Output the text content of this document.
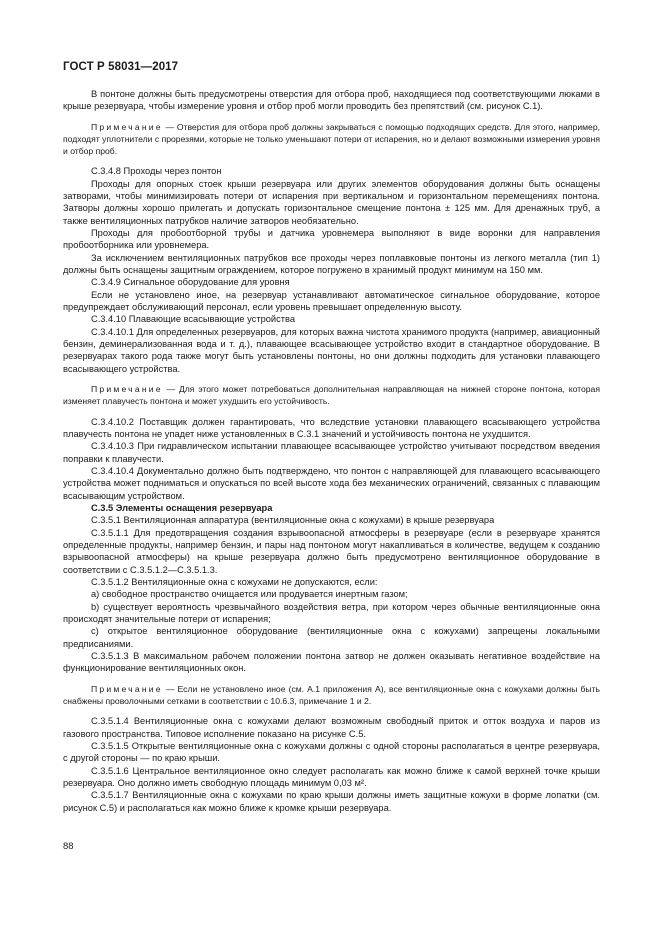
ГОСТ Р 58031—2017

В понтоне должны быть предусмотрены отверстия для отбора проб, находящиеся под соответствующими люками в крыше резервуара, чтобы измерение уровня и отбор проб могли проводить без препятствий (см. рисунок С.1).

Примечание — Отверстия для отбора проб должны закрываться с помощью подходящих средств. Для этого, например, подходят уплотнители с прорезями, которые не только уменьшают потери от испарения, но и делают возможными измерения уровня и отбор проб.

С.3.4.8 Проходы через понтон

Проходы для опорных стоек крыши резервуара или других элементов оборудования должны быть оснащены затворами, чтобы минимизировать потери от испарения при вертикальном и горизонтальном перемещениях понтона. Затворы должны хорошо прилегать и допускать горизонтальное смещение понтона ± 125 мм. Для дренажных труб, а также вентиляционных патрубков наличие затворов необязательно.

Проходы для пробоотборной трубы и датчика уровнемера выполняют в виде воронки для направления пробоотборника или уровнемера.

За исключением вентиляционных патрубков все проходы через поплавковые понтоны из легкого металла (тип 1) должны быть оснащены защитным ограждением, которое погружено в хранимый продукт минимум на 150 мм.

С.3.4.9 Сигнальное оборудование для уровня

Если не установлено иное, на резервуар устанавливают автоматическое сигнальное оборудование, которое предупреждает обслуживающий персонал, если уровень превышает определенную высоту.

С.3.4.10 Плавающие всасывающие устройства

С.3.4.10.1 Для определенных резервуаров, для которых важна чистота хранимого продукта (например, авиационный бензин, деминерализованная вода и т. д.), плавающее всасывающее устройство входит в стандартное оборудование. В резервуарах такого рода также могут быть установлены понтоны, но они должны подходить для установки плавающего всасывающего устройства.

Примечание — Для этого может потребоваться дополнительная направляющая на нижней стороне понтона, которая изменяет плавучесть понтона и может ухудшить его устойчивость.

С.3.4.10.2 Поставщик должен гарантировать, что вследствие установки плавающего всасывающего устройства плавучесть понтона не упадет ниже установленных в С.3.1 значений и устойчивость понтона не ухудшится.

С.3.4.10.3 При гидравлическом испытании плавающее всасывающее устройство учитывают посредством введения поправки к плавучести.

С.3.4.10.4 Документально должно быть подтверждено, что понтон с направляющей для плавающего всасывающего устройства может подниматься и опускаться по всей высоте хода без механических ограничений, связанных с плавающим всасывающим устройством.

С.3.5 Элементы оснащения резервуара

С.3.5.1 Вентиляционная аппаратура (вентиляционные окна с кожухами) в крыше резервуара

С.3.5.1.1 Для предотвращения создания взрывоопасной атмосферы в резервуаре (если в резервуаре хранятся определенные продукты, например бензин, и пары над понтоном могут накапливаться в количестве, ведущем к созданию взрывоопасной атмосферы) на крыше резервуара должно быть предусмотрено вентиляционное оборудование в соответствии с С.3.5.1.2—С.3.5.1.3.

С.3.5.1.2 Вентиляционные окна с кожухами не допускаются, если:

a) свободное пространство очищается или продувается инертным газом;

b) существует вероятность чрезвычайного воздействия ветра, при котором через обычные вентиляционные окна происходят значительные потери от испарения;

c) открытое вентиляционное оборудование (вентиляционные окна с кожухами) запрещены локальными предписаниями.

С.3.5.1.3 В максимальном рабочем положении понтона затвор не должен оказывать негативное воздействие на функционирование вентиляционных окон.

Примечание — Если не установлено иное (см. А.1 приложения А), все вентиляционные окна с кожухами должны быть снабжены проволочными сетками в соответствии с 10.6.3, примечание 1 и 2.

С.3.5.1.4 Вентиляционные окна с кожухами делают возможным свободный приток и отток воздуха и паров из газового пространства. Типовое исполнение показано на рисунке С.5.

С.3.5.1.5 Открытые вентиляционные окна с кожухами должны с одной стороны располагаться в центре резервуара, с другой стороны — по краю крыши.

С.3.5.1.6 Центральное вентиляционное окно следует располагать как можно ближе к самой верхней точке крыши резервуара. Оно должно иметь свободную площадь минимум 0,03 м².

С.3.5.1.7 Вентиляционные окна с кожухами по краю крыши должны иметь защитные кожухи в форме лопатки (см. рисунок С.5) и располагаться как можно ближе к кромке крыши резервуара.

88
